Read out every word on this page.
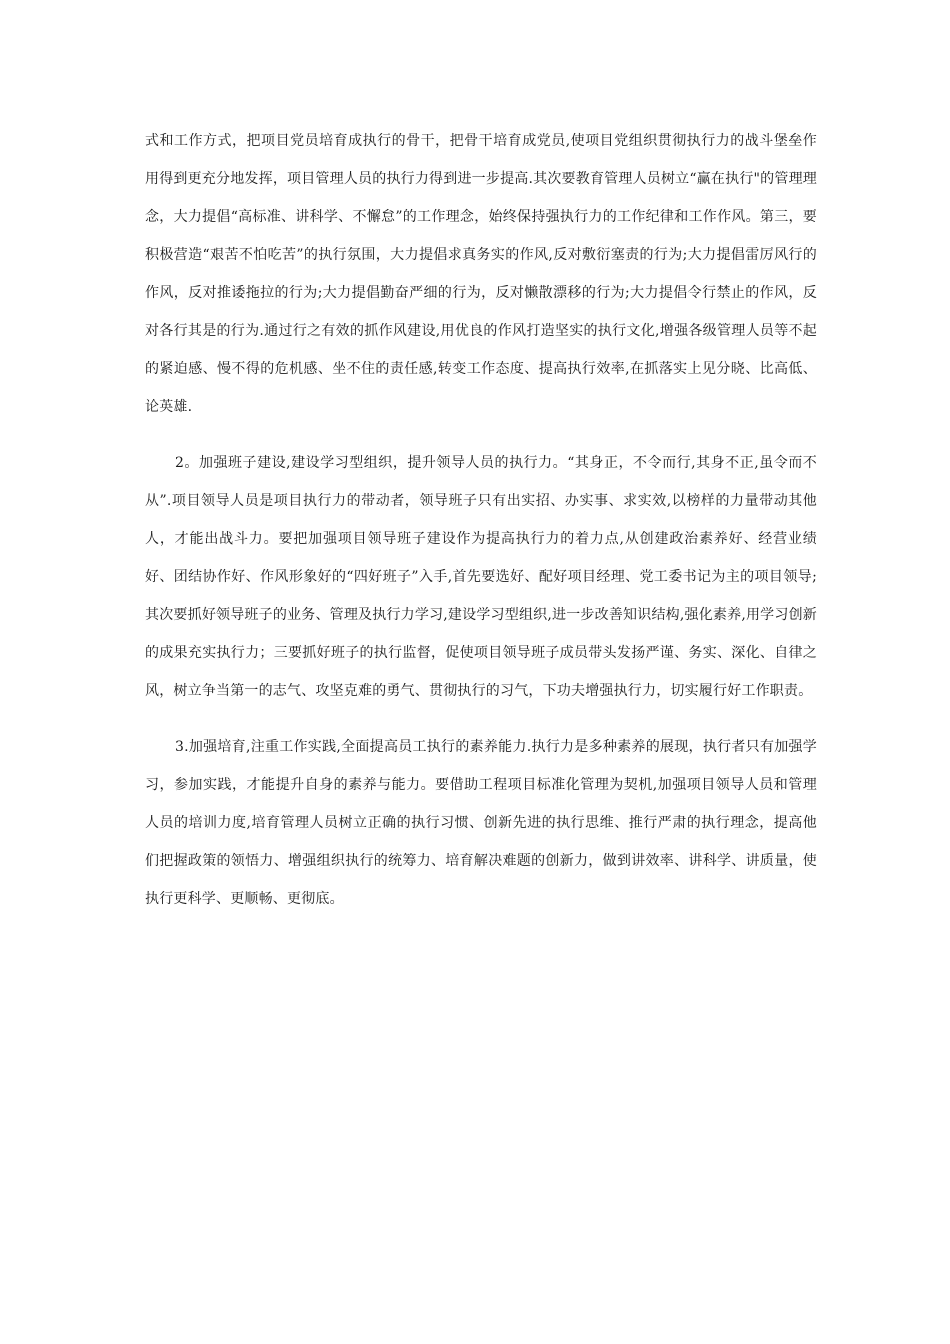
式和工作方式，把项目党员培育成执行的骨干，把骨干培育成党员,使项目党组织贯彻执行力的战斗堡垒作用得到更充分地发挥，项目管理人员的执行力得到进一步提高.其次要教育管理人员树立“赢在执行"的管理理念，大力提倡“高标准、讲科学、不懈怠”的工作理念，始终保持强执行力的工作纪律和工作作风。第三，要积极营造“艰苦不怕吃苦”的执行氛围，大力提倡求真务实的作风,反对敷衍塞责的行为;大力提倡雷厉风行的作风，反对推诿拖拉的行为;大力提倡勤奋严细的行为，反对懒散漂移的行为;大力提倡令行禁止的作风，反对各行其是的行为.通过行之有效的抓作风建设,用优良的作风打造坚实的执行文化,增强各级管理人员等不起的紧迫感、慢不得的危机感、坐不住的责任感,转变工作态度、提高执行效率,在抓落实上见分晓、比高低、论英雄.

2。加强班子建设,建设学习型组织，提升领导人员的执行力。“其身正，不令而行,其身不正,虽令而不从”.项目领导人员是项目执行力的带动者，领导班子只有出实招、办实事、求实效,以榜样的力量带动其他人，才能出战斗力。要把加强项目领导班子建设作为提高执行力的着力点,从创建政治素养好、经营业绩好、团结协作好、作风形象好的“四好班子”入手,首先要选好、配好项目经理、党工委书记为主的项目领导;其次要抓好领导班子的业务、管理及执行力学习,建设学习型组织,进一步改善知识结构,强化素养,用学习创新的成果充实执行力；三要抓好班子的执行监督，促使项目领导班子成员带头发扬严谨、务实、深化、自律之风，树立争当第一的志气、攻坚克难的勇气、贯彻执行的习气，下功夫增强执行力，切实履行好工作职责。

3.加强培育,注重工作实践,全面提高员工执行的素养能力.执行力是多种素养的展现，执行者只有加强学习，参加实践，才能提升自身的素养与能力。要借助工程项目标准化管理为契机,加强项目领导人员和管理人员的培训力度,培育管理人员树立正确的执行习惯、创新先进的执行思维、推行严肃的执行理念，提高他们把握政策的领悟力、增强组织执行的统筹力、培育解决难题的创新力，做到讲效率、讲科学、讲质量，使执行更科学、更顺畅、更彻底。
